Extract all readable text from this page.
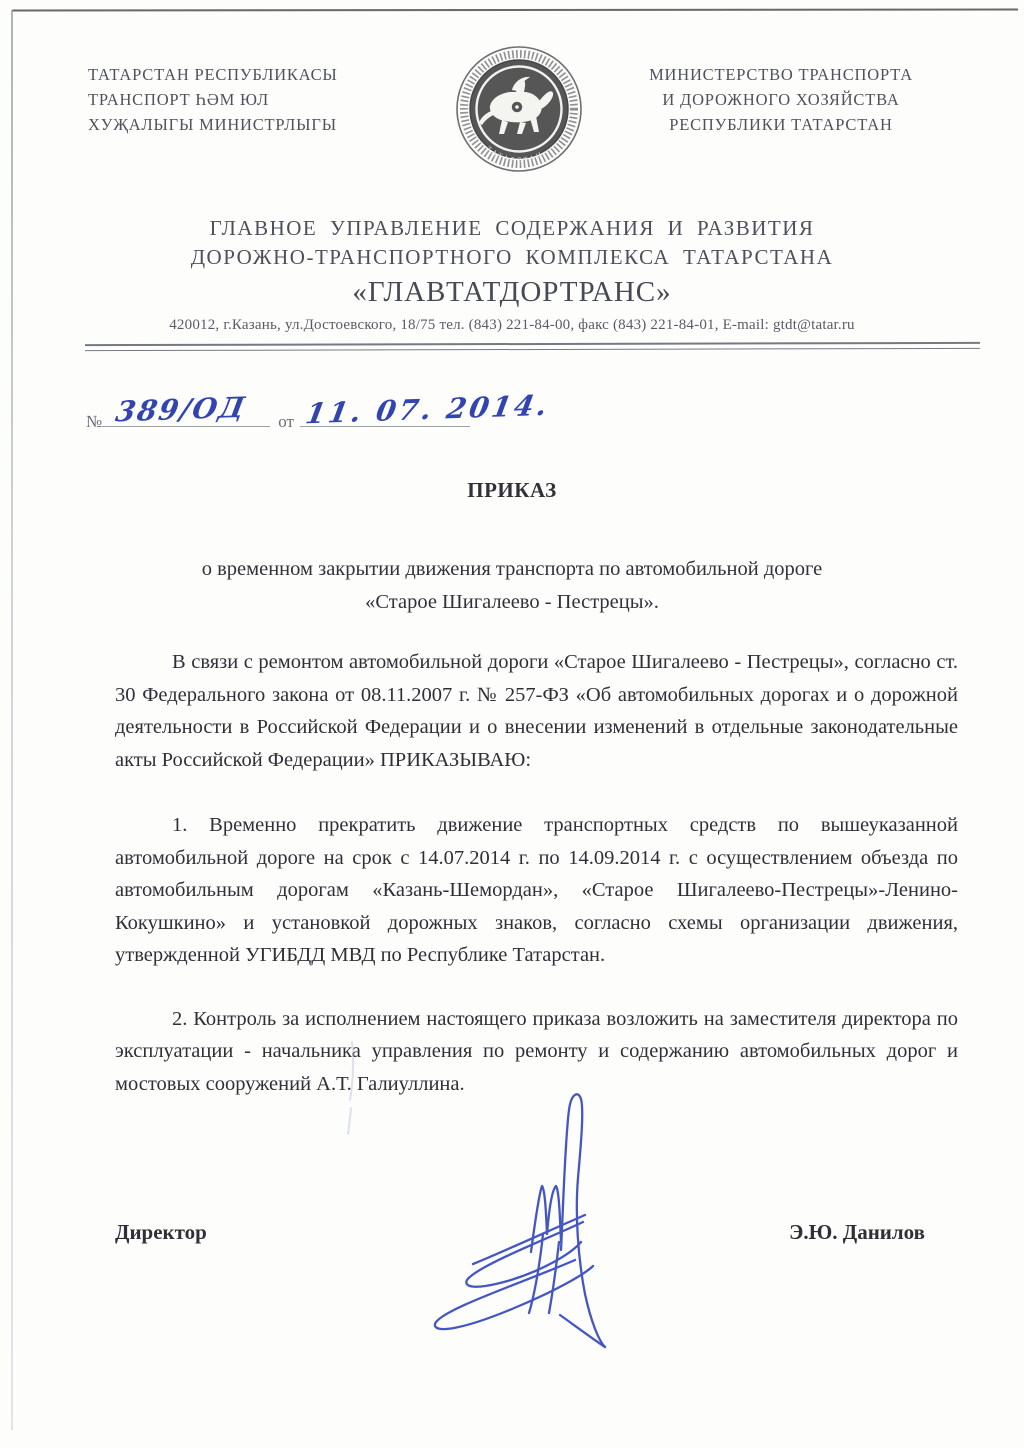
ТАТАРСТАН РЕСПУБЛИКАСЫ
ТРАНСПОРТ ҺӘМ ЮЛ
ХУҖАЛЫГЫ МИНИСТРЛЫГЫ
ТАТАРСТАН
МИНИСТЕРСТВО ТРАНСПОРТА
И ДОРОЖНОГО ХОЗЯЙСТВА
РЕСПУБЛИКИ ТАТАРСТАН
ГЛАВНОЕ УПРАВЛЕНИЕ СОДЕРЖАНИЯ И РАЗВИТИЯ
ДОРОЖНО-ТРАНСПОРТНОГО КОМПЛЕКСА ТАТАРСТАНА
«ГЛАВТАТДОРТРАНС»
420012, г.Казань, ул.Достоевского, 18/75 тел. (843) 221-84-00, факс (843) 221-84-01, E-mail: gtdt@tatar.ru
№ 389/ОД от 11. 07. 2014.
ПРИКАЗ
о временном закрытии движения транспорта по автомобильной дороге
«Старое Шигалеево - Пестрецы».

В связи с ремонтом автомобильной дороги «Старое Шигалеево - Пестрецы», согласно ст. 30 Федерального закона от 08.11.2007 г. № 257-ФЗ «Об автомобильных дорогах и о дорожной деятельности в Российской Федерации и о внесении изменений в отдельные законодательные акты Российской Федерации» ПРИКАЗЫВАЮ:

1. Временно прекратить движение транспортных средств по вышеуказанной автомобильной дороге на срок с 14.07.2014 г. по 14.09.2014 г. с осуществлением объезда по автомобильным дорогам «Казань-Шемордан», «Старое Шигалеево-Пестрецы»-Ленино-Кокушкино» и установкой дорожных знаков, согласно схемы организации движения, утвержденной УГИБДД МВД по Республике Татарстан.

2. Контроль за исполнением настоящего приказа возложить на заместителя директора по эксплуатации - начальника управления по ремонту и содержанию автомобильных дорог и мостовых сооружений А.Т. Галиуллина.

Директор	Э.Ю. Данилов
